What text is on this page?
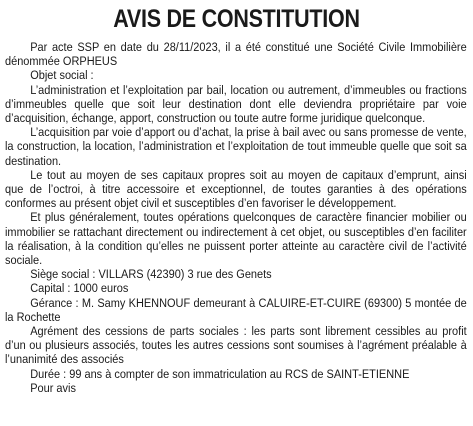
AVIS DE CONSTITUTION

Par acte SSP en date du 28/11/2023, il a été constitué une Société Civile Immobilière dénommée ORPHEUS

Objet social :

L’administration et l’exploitation par bail, location ou autrement, d’immeubles ou fractions d’immeubles quelle que soit leur destination dont elle deviendra propriétaire par voie d’acquisition, échange, apport, construction ou toute autre forme juridique quelconque.

L’acquisition par voie d’apport ou d’achat, la prise à bail avec ou sans promesse de vente, la construction, la location, l’administration et l’exploitation de tout immeuble quelle que soit sa destination.

Le tout au moyen de ses capitaux propres soit au moyen de capitaux d’emprunt, ainsi que de l’octroi, à titre accessoire et exceptionnel, de toutes garanties à des opérations conformes au présent objet civil et susceptibles d’en favoriser le développement.

Et plus généralement, toutes opérations quelconques de caractère financier mobilier ou immobilier se rattachant directement ou indirectement à cet objet, ou susceptibles d’en faciliter la réalisation, à la condition qu’elles ne puissent porter atteinte au caractère civil de l’activité sociale.

Siège social : VILLARS (42390) 3 rue des Genets

Capital : 1000 euros

Gérance : M. Samy KHENNOUF demeurant à CALUIRE-ET-CUIRE (69300) 5 montée de la Rochette

Agrément des cessions de parts sociales : les parts sont librement cessibles au profit d’un ou plusieurs associés, toutes les autres cessions sont soumises à l’agrément préalable à l’unanimité des associés

Durée : 99 ans à compter de son immatriculation au RCS de SAINT-ETIENNE

Pour avis
